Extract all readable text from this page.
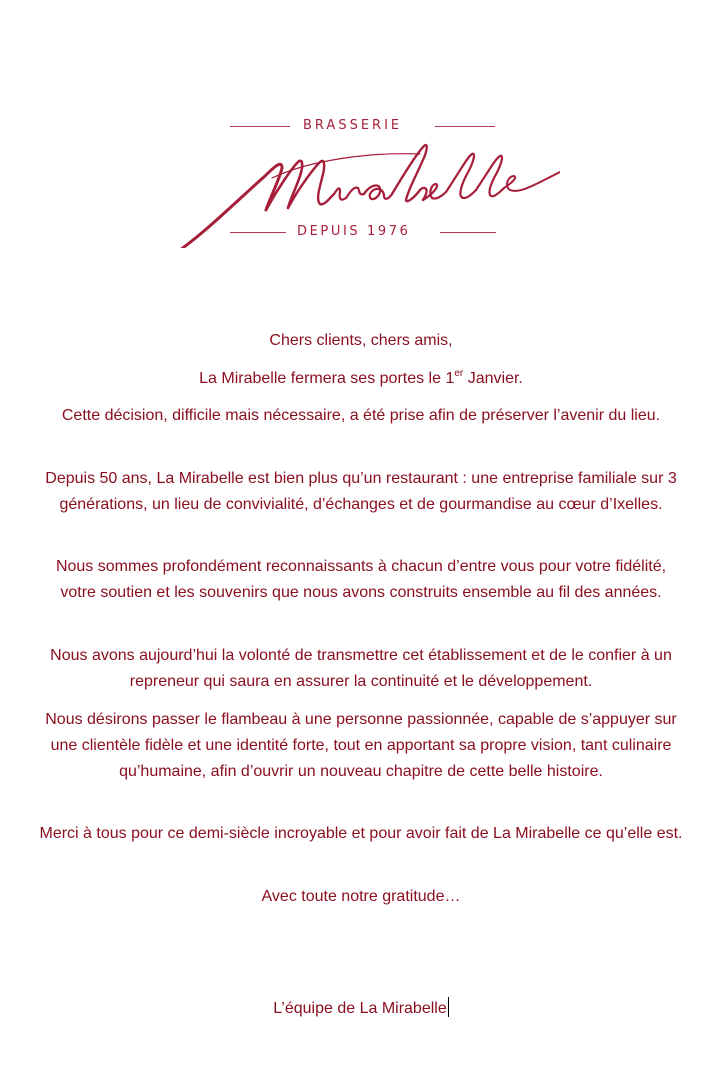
BRASSERIE
DEPUIS 1976

Chers clients, chers amis,

La Mirabelle fermera ses portes le 1er Janvier.

Cette décision, difficile mais nécessaire, a été prise afin de préserver l’avenir du lieu.

Depuis 50 ans, La Mirabelle est bien plus qu’un restaurant : une entreprise familiale sur 3 générations, un lieu de convivialité, d’échanges et de gourmandise au cœur d’Ixelles.

Nous sommes profondément reconnaissants à chacun d’entre vous pour votre fidélité, votre soutien et les souvenirs que nous avons construits ensemble au fil des années.

Nous avons aujourd’hui la volonté de transmettre cet établissement et de le confier à un repreneur qui saura en assurer la continuité et le développement.

Nous désirons passer le flambeau à une personne passionnée, capable de s’appuyer sur une clientèle fidèle et une identité forte, tout en apportant sa propre vision, tant culinaire qu’humaine, afin d’ouvrir un nouveau chapitre de cette belle histoire.

Merci à tous pour ce demi-siècle incroyable et pour avoir fait de La Mirabelle ce qu’elle est.

Avec toute notre gratitude…

L’équipe de La Mirabelle
